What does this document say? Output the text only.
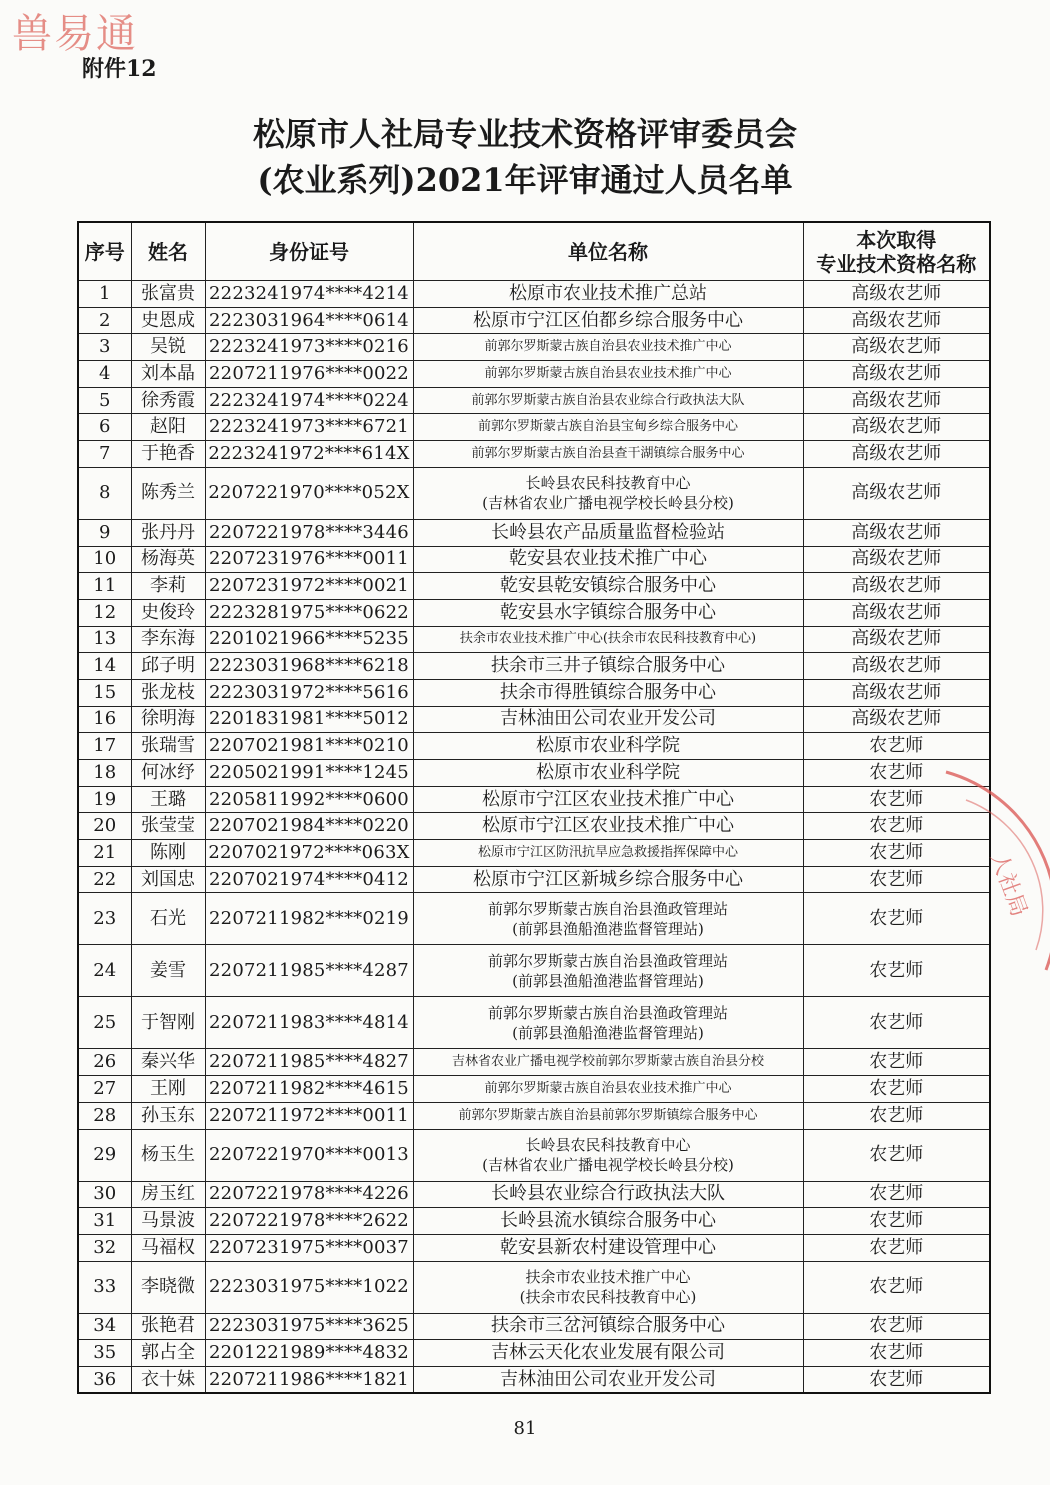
兽易通
附件12
松原市人社局专业技术资格评审委员会
(农业系列)2021年评审通过人员名单
序号	姓名	身份证号	单位名称	本次取得
专业技术资格名称

1	张富贵	2223241974****4214	松原市农业技术推广总站	高级农艺师
2	史恩成	2223031964****0614	松原市宁江区伯都乡综合服务中心	高级农艺师
3	吴锐	2223241973****0216	前郭尔罗斯蒙古族自治县农业技术推广中心	高级农艺师
4	刘本晶	2207211976****0022	前郭尔罗斯蒙古族自治县农业技术推广中心	高级农艺师
5	徐秀霞	2223241974****0224	前郭尔罗斯蒙古族自治县农业综合行政执法大队	高级农艺师
6	赵阳	2223241973****6721	前郭尔罗斯蒙古族自治县宝甸乡综合服务中心	高级农艺师
7	于艳香	2223241972****614X	前郭尔罗斯蒙古族自治县查干湖镇综合服务中心	高级农艺师
8	陈秀兰	2207221970****052X	长岭县农民科技教育中心
(吉林省农业广播电视学校长岭县分校)	高级农艺师
9	张丹丹	2207221978****3446	长岭县农产品质量监督检验站	高级农艺师
10	杨海英	2207231976****0011	乾安县农业技术推广中心	高级农艺师
11	李莉	2207231972****0021	乾安县乾安镇综合服务中心	高级农艺师
12	史俊玲	2223281975****0622	乾安县水字镇综合服务中心	高级农艺师
13	李东海	2201021966****5235	扶余市农业技术推广中心(扶余市农民科技教育中心)	高级农艺师
14	邱子明	2223031968****6218	扶余市三井子镇综合服务中心	高级农艺师
15	张龙枝	2223031972****5616	扶余市得胜镇综合服务中心	高级农艺师
16	徐明海	2201831981****5012	吉林油田公司农业开发公司	高级农艺师
17	张瑞雪	2207021981****0210	松原市农业科学院	农艺师
18	何冰纾	2205021991****1245	松原市农业科学院	农艺师
19	王璐	2205811992****0600	松原市宁江区农业技术推广中心	农艺师
20	张莹莹	2207021984****0220	松原市宁江区农业技术推广中心	农艺师
21	陈刚	2207021972****063X	松原市宁江区防汛抗旱应急救援指挥保障中心	农艺师
22	刘国忠	2207021974****0412	松原市宁江区新城乡综合服务中心	农艺师
23	石光	2207211982****0219	前郭尔罗斯蒙古族自治县渔政管理站
(前郭县渔船渔港监督管理站)	农艺师
24	姜雪	2207211985****4287	前郭尔罗斯蒙古族自治县渔政管理站
(前郭县渔船渔港监督管理站)	农艺师
25	于智刚	2207211983****4814	前郭尔罗斯蒙古族自治县渔政管理站
(前郭县渔船渔港监督管理站)	农艺师
26	秦兴华	2207211985****4827	吉林省农业广播电视学校前郭尔罗斯蒙古族自治县分校	农艺师
27	王刚	2207211982****4615	前郭尔罗斯蒙古族自治县农业技术推广中心	农艺师
28	孙玉东	2207211972****0011	前郭尔罗斯蒙古族自治县前郭尔罗斯镇综合服务中心	农艺师
29	杨玉生	2207221970****0013	长岭县农民科技教育中心
(吉林省农业广播电视学校长岭县分校)	农艺师
30	房玉红	2207221978****4226	长岭县农业综合行政执法大队	农艺师
31	马景波	2207221978****2622	长岭县流水镇综合服务中心	农艺师
32	马福权	2207231975****0037	乾安县新农村建设管理中心	农艺师
33	李晓微	2223031975****1022	扶余市农业技术推广中心
(扶余市农民科技教育中心)	农艺师
34	张艳君	2223031975****3625	扶余市三岔河镇综合服务中心	农艺师
35	郭占全	2201221989****4832	吉林云天化农业发展有限公司	农艺师
36	衣十妹	2207211986****1821	吉林油田公司农业开发公司	农艺师
81
人社局
